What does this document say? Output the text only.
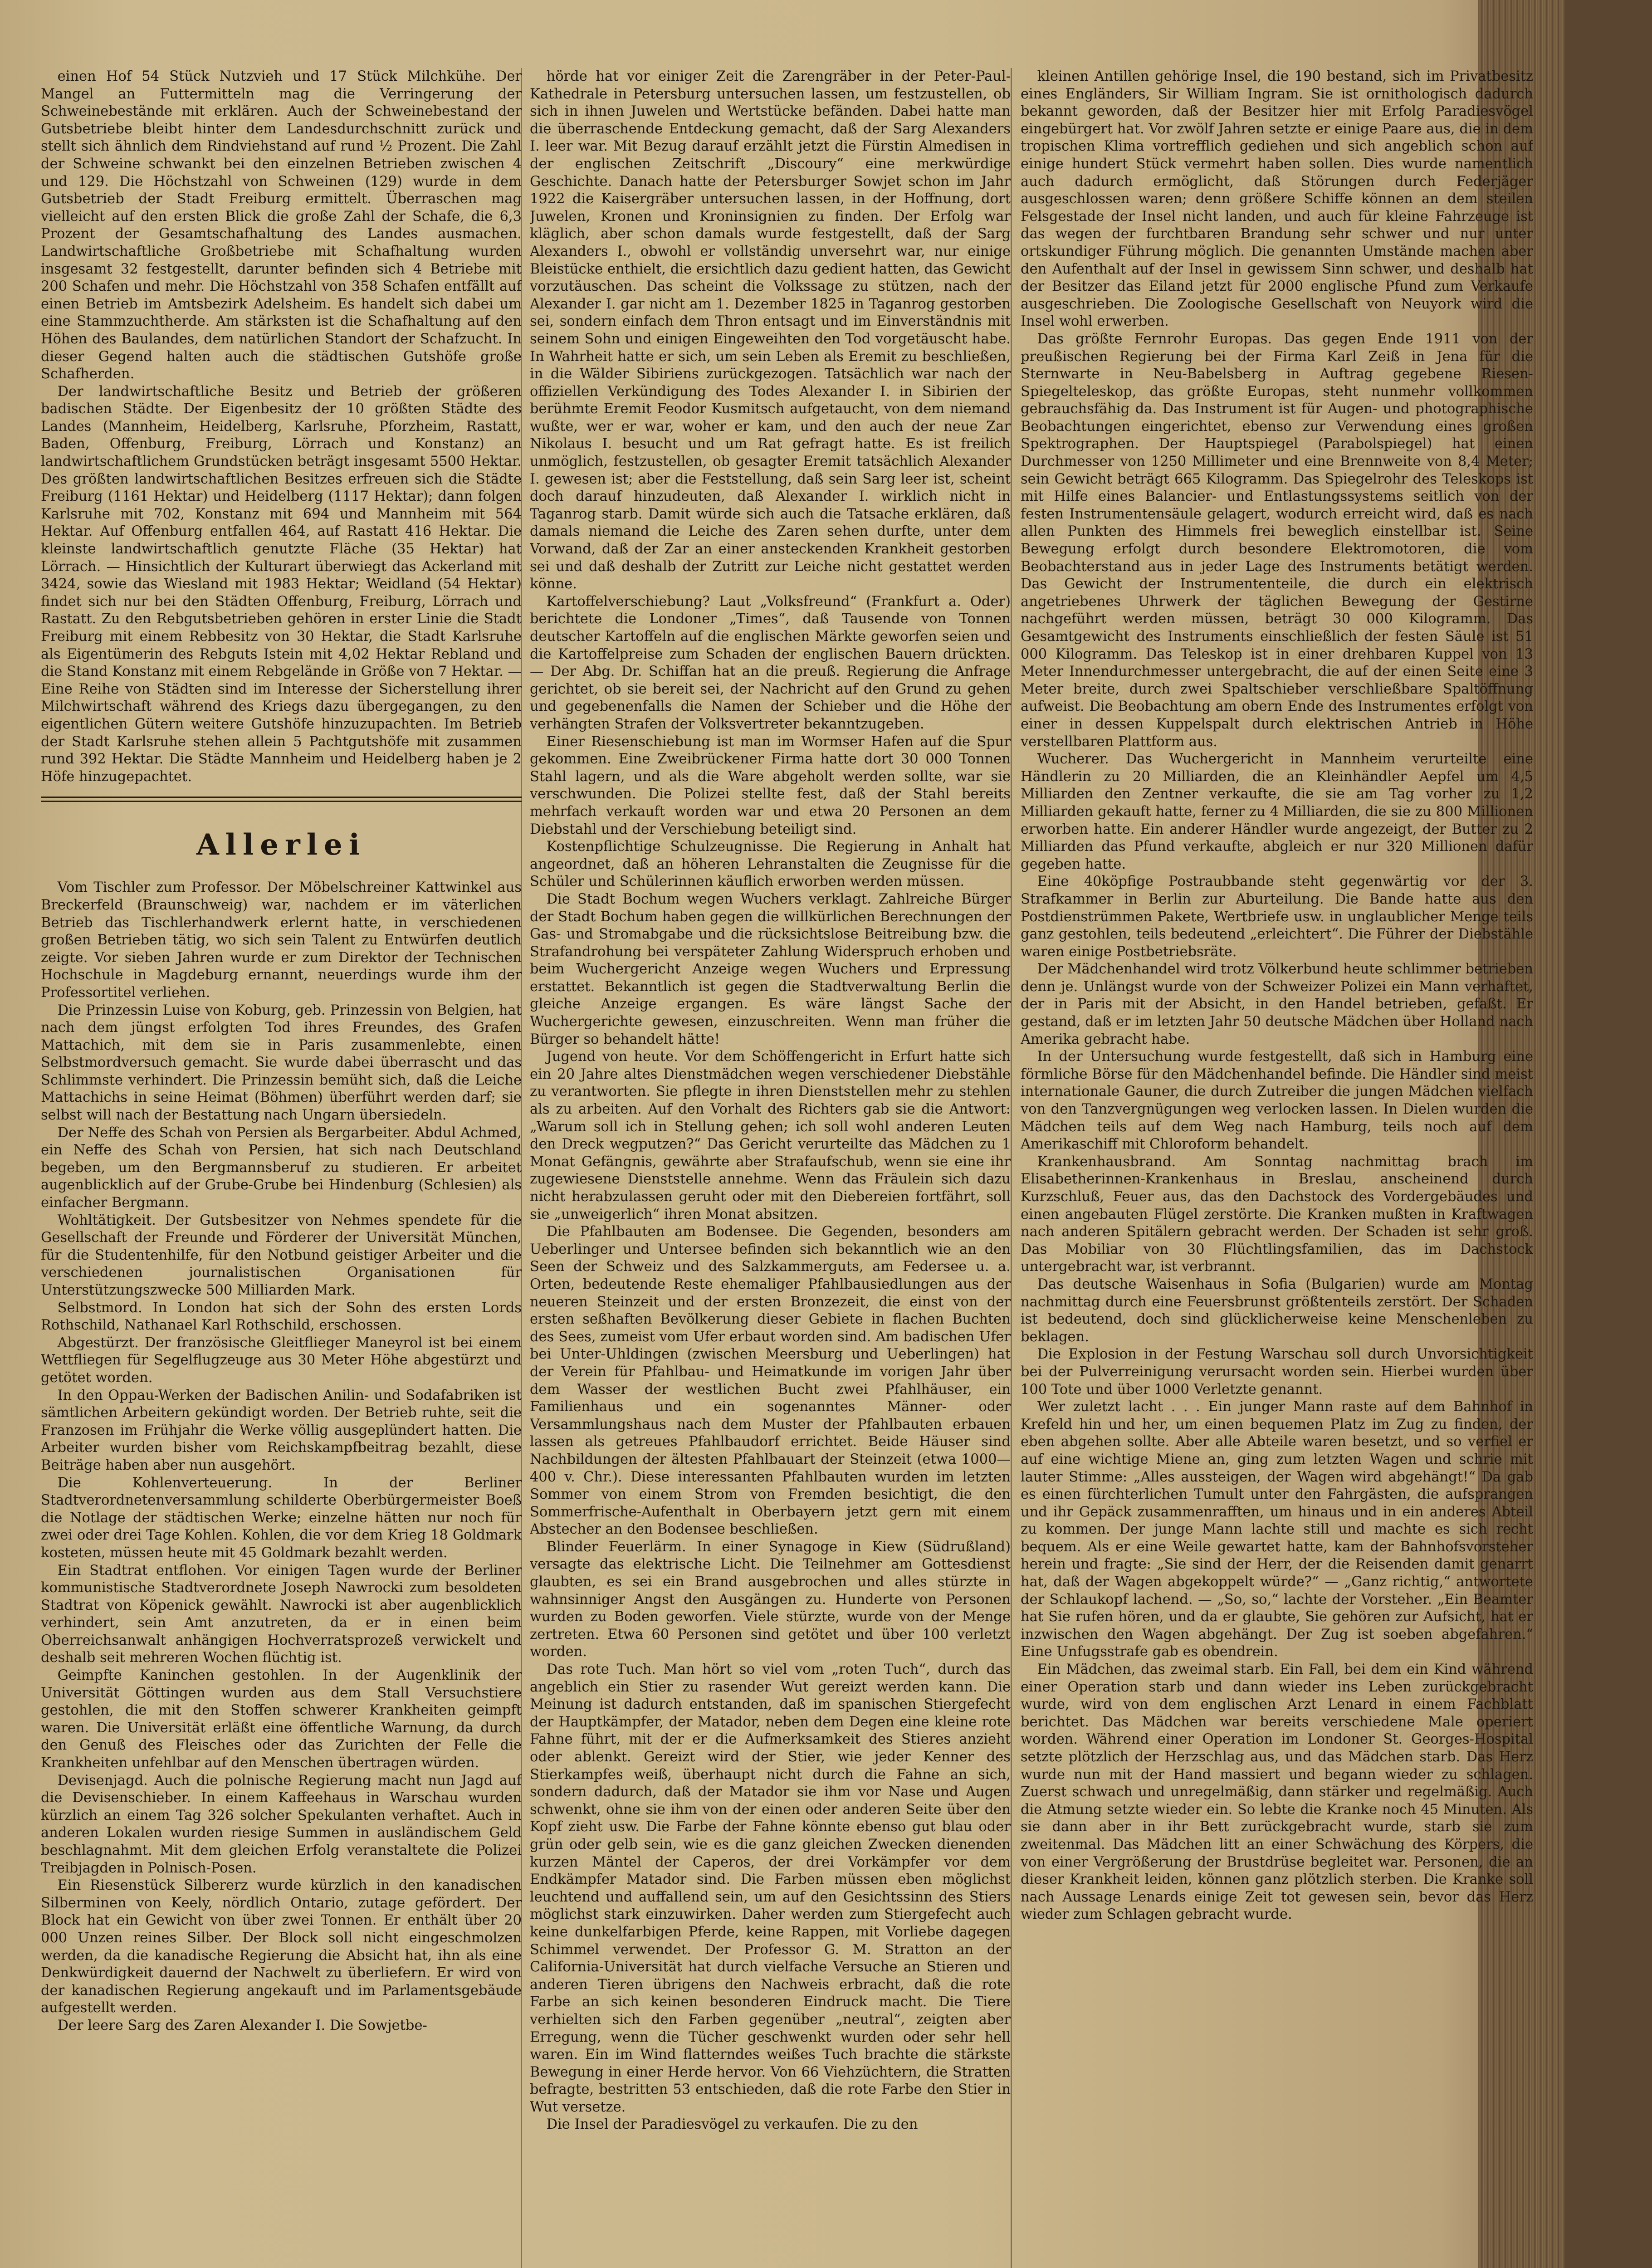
einen Hof 54 Stück Nutzvieh und 17 Stück Milchkühe. Der Mangel an Futtermitteln mag die Verringerung der Schweinebestände mit erklären. Auch der Schweinebestand der Gutsbetriebe bleibt hinter dem Landesdurchschnitt zurück und stellt sich ähnlich dem Rindviehstand auf rund ½ Prozent. Die Zahl der Schweine schwankt bei den einzelnen Betrieben zwischen 4 und 129. Die Höchstzahl von Schweinen (129) wurde in dem Gutsbetrieb der Stadt Freiburg ermittelt. Überraschen mag vielleicht auf den ersten Blick die große Zahl der Schafe, die 6,3 Prozent der Gesamtschafhaltung des Landes ausmachen. Landwirtschaftliche Großbetriebe mit Schafhaltung wurden insgesamt 32 festgestellt, darunter befinden sich 4 Betriebe mit 200 Schafen und mehr. Die Höchstzahl von 358 Schafen entfällt auf einen Betrieb im Amtsbezirk Adelsheim. Es handelt sich dabei um eine Stammzuchtherde. Am stärksten ist die Schafhaltung auf den Höhen des Baulandes, dem natürlichen Standort der Schafzucht. In dieser Gegend halten auch die städtischen Gutshöfe große Schafherden.

Der landwirtschaftliche Besitz und Betrieb der größeren badischen Städte. Der Eigenbesitz der 10 größten Städte des Landes (Mannheim, Heidelberg, Karlsruhe, Pforzheim, Rastatt, Baden, Offenburg, Freiburg, Lörrach und Konstanz) an landwirtschaftlichem Grundstücken beträgt insgesamt 5500 Hektar. Des größten landwirtschaftlichen Besitzes erfreuen sich die Städte Freiburg (1161 Hektar) und Heidelberg (1117 Hektar); dann folgen Karlsruhe mit 702, Konstanz mit 694 und Mannheim mit 564 Hektar. Auf Offenburg entfallen 464, auf Rastatt 416 Hektar. Die kleinste landwirtschaftlich genutzte Fläche (35 Hektar) hat Lörrach. — Hinsichtlich der Kulturart überwiegt das Ackerland mit 3424, sowie das Wiesland mit 1983 Hektar; Weidland (54 Hektar) findet sich nur bei den Städten Offenburg, Freiburg, Lörrach und Rastatt. Zu den Rebgutsbetrieben gehören in erster Linie die Stadt Freiburg mit einem Rebbesitz von 30 Hektar, die Stadt Karlsruhe als Eigentümerin des Rebguts Istein mit 4,02 Hektar Rebland und die Stand Konstanz mit einem Rebgelände in Größe von 7 Hektar. — Eine Reihe von Städten sind im Interesse der Sicherstellung ihrer Milchwirtschaft während des Kriegs dazu übergegangen, zu den eigentlichen Gütern weitere Gutshöfe hinzuzupachten. Im Betrieb der Stadt Karlsruhe stehen allein 5 Pachtgutshöfe mit zusammen rund 392 Hektar. Die Städte Mannheim und Heidelberg haben je 2 Höfe hinzugepachtet.

Allerlei

Vom Tischler zum Professor. Der Möbelschreiner Kattwinkel aus Breckerfeld (Braunschweig) war, nachdem er im väterlichen Betrieb das Tischlerhandwerk erlernt hatte, in verschiedenen großen Betrieben tätig, wo sich sein Talent zu Entwürfen deutlich zeigte. Vor sieben Jahren wurde er zum Direktor der Technischen Hochschule in Magdeburg ernannt, neuerdings wurde ihm der Professortitel verliehen.

Die Prinzessin Luise von Koburg, geb. Prinzessin von Belgien, hat nach dem jüngst erfolgten Tod ihres Freundes, des Grafen Mattachich, mit dem sie in Paris zusammenlebte, einen Selbstmordversuch gemacht. Sie wurde dabei überrascht und das Schlimmste verhindert. Die Prinzessin bemüht sich, daß die Leiche Mattachichs in seine Heimat (Böhmen) überführt werden darf; sie selbst will nach der Bestattung nach Ungarn übersiedeln.

Der Neffe des Schah von Persien als Bergarbeiter. Abdul Achmed, ein Neffe des Schah von Persien, hat sich nach Deutschland begeben, um den Bergmannsberuf zu studieren. Er arbeitet augenblicklich auf der Grube-Grube bei Hindenburg (Schlesien) als einfacher Bergmann.

Wohltätigkeit. Der Gutsbesitzer von Nehmes spendete für die Gesellschaft der Freunde und Förderer der Universität München, für die Studentenhilfe, für den Notbund geistiger Arbeiter und die verschiedenen journalistischen Organisationen für Unterstützungszwecke 500 Milliarden Mark.

Selbstmord. In London hat sich der Sohn des ersten Lords Rothschild, Nathanael Karl Rothschild, erschossen.

Abgestürzt. Der französische Gleitflieger Maneyrol ist bei einem Wettfliegen für Segelflugzeuge aus 30 Meter Höhe abgestürzt und getötet worden.

In den Oppau-Werken der Badischen Anilin- und Sodafabriken ist sämtlichen Arbeitern gekündigt worden. Der Betrieb ruhte, seit die Franzosen im Frühjahr die Werke völlig ausgeplündert hatten. Die Arbeiter wurden bisher vom Reichskampfbeitrag bezahlt, diese Beiträge haben aber nun ausgehört.

Die Kohlenverteuerung. In der Berliner Stadtverordnetenversammlung schilderte Oberbürgermeister Boeß die Notlage der städtischen Werke; einzelne hätten nur noch für zwei oder drei Tage Kohlen. Kohlen, die vor dem Krieg 18 Goldmark kosteten, müssen heute mit 45 Goldmark bezahlt werden.

Ein Stadtrat entflohen. Vor einigen Tagen wurde der Berliner kommunistische Stadtverordnete Joseph Nawrocki zum besoldeten Stadtrat von Köpenick gewählt. Nawrocki ist aber augenblicklich verhindert, sein Amt anzutreten, da er in einen beim Oberreichsanwalt anhängigen Hochverratsprozeß verwickelt und deshalb seit mehreren Wochen flüchtig ist.

Geimpfte Kaninchen gestohlen. In der Augenklinik der Universität Göttingen wurden aus dem Stall Versuchstiere gestohlen, die mit den Stoffen schwerer Krankheiten geimpft waren. Die Universität erläßt eine öffentliche Warnung, da durch den Genuß des Fleisches oder das Zurichten der Felle die Krankheiten unfehlbar auf den Menschen übertragen würden.

Devisenjagd. Auch die polnische Regierung macht nun Jagd auf die Devisenschieber. In einem Kaffeehaus in Warschau wurden kürzlich an einem Tag 326 solcher Spekulanten verhaftet. Auch in anderen Lokalen wurden riesige Summen in ausländischem Geld beschlagnahmt. Mit dem gleichen Erfolg veranstaltete die Polizei Treibjagden in Polnisch-Posen.

Ein Riesenstück Silbererz wurde kürzlich in den kanadischen Silberminen von Keely, nördlich Ontario, zutage gefördert. Der Block hat ein Gewicht von über zwei Tonnen. Er enthält über 20 000 Unzen reines Silber. Der Block soll nicht eingeschmolzen werden, da die kanadische Regierung die Absicht hat, ihn als eine Denkwürdigkeit dauernd der Nachwelt zu überliefern. Er wird von der kanadischen Regierung angekauft und im Parlamentsgebäude aufgestellt werden.

Der leere Sarg des Zaren Alexander I. Die Sowjetbe-

hörde hat vor einiger Zeit die Zarengräber in der Peter-Paul-Kathedrale in Petersburg untersuchen lassen, um festzustellen, ob sich in ihnen Juwelen und Wertstücke befänden. Dabei hatte man die überraschende Entdeckung gemacht, daß der Sarg Alexanders I. leer war. Mit Bezug darauf erzählt jetzt die Fürstin Almedisen in der englischen Zeitschrift „Discoury“ eine merkwürdige Geschichte. Danach hatte der Petersburger Sowjet schon im Jahr 1922 die Kaisergräber untersuchen lassen, in der Hoffnung, dort Juwelen, Kronen und Kroninsignien zu finden. Der Erfolg war kläglich, aber schon damals wurde festgestellt, daß der Sarg Alexanders I., obwohl er vollständig unversehrt war, nur einige Bleistücke enthielt, die ersichtlich dazu gedient hatten, das Gewicht vorzutäuschen. Das scheint die Volkssage zu stützen, nach der Alexander I. gar nicht am 1. Dezember 1825 in Taganrog gestorben sei, sondern einfach dem Thron entsagt und im Einverständnis mit seinem Sohn und einigen Eingeweihten den Tod vorgetäuscht habe. In Wahrheit hatte er sich, um sein Leben als Eremit zu beschließen, in die Wälder Sibiriens zurückgezogen. Tatsächlich war nach der offiziellen Verkündigung des Todes Alexander I. in Sibirien der berühmte Eremit Feodor Kusmitsch aufgetaucht, von dem niemand wußte, wer er war, woher er kam, und den auch der neue Zar Nikolaus I. besucht und um Rat gefragt hatte. Es ist freilich unmöglich, festzustellen, ob gesagter Eremit tatsächlich Alexander I. gewesen ist; aber die Feststellung, daß sein Sarg leer ist, scheint doch darauf hinzudeuten, daß Alexander I. wirklich nicht in Taganrog starb. Damit würde sich auch die Tatsache erklären, daß damals niemand die Leiche des Zaren sehen durfte, unter dem Vorwand, daß der Zar an einer ansteckenden Krankheit gestorben sei und daß deshalb der Zutritt zur Leiche nicht gestattet werden könne.

Kartoffelverschiebung? Laut „Volksfreund“ (Frankfurt a. Oder) berichtete die Londoner „Times“, daß Tausende von Tonnen deutscher Kartoffeln auf die englischen Märkte geworfen seien und die Kartoffelpreise zum Schaden der englischen Bauern drückten. — Der Abg. Dr. Schiffan hat an die preuß. Regierung die Anfrage gerichtet, ob sie bereit sei, der Nachricht auf den Grund zu gehen und gegebenenfalls die Namen der Schieber und die Höhe der verhängten Strafen der Volksvertreter bekanntzugeben.

Einer Riesenschiebung ist man im Wormser Hafen auf die Spur gekommen. Eine Zweibrückener Firma hatte dort 30 000 Tonnen Stahl lagern, und als die Ware abgeholt werden sollte, war sie verschwunden. Die Polizei stellte fest, daß der Stahl bereits mehrfach verkauft worden war und etwa 20 Personen an dem Diebstahl und der Verschiebung beteiligt sind.

Kostenpflichtige Schulzeugnisse. Die Regierung in Anhalt hat angeordnet, daß an höheren Lehranstalten die Zeugnisse für die Schüler und Schülerinnen käuflich erworben werden müssen.

Die Stadt Bochum wegen Wuchers verklagt. Zahlreiche Bürger der Stadt Bochum haben gegen die willkürlichen Berechnungen der Gas- und Stromabgabe und die rücksichtslose Beitreibung bzw. die Strafandrohung bei verspäteter Zahlung Widerspruch erhoben und beim Wuchergericht Anzeige wegen Wuchers und Erpressung erstattet. Bekanntlich ist gegen die Stadtverwaltung Berlin die gleiche Anzeige ergangen. Es wäre längst Sache der Wuchergerichte gewesen, einzuschreiten. Wenn man früher die Bürger so behandelt hätte!

Jugend von heute. Vor dem Schöffengericht in Erfurt hatte sich ein 20 Jahre altes Dienstmädchen wegen verschiedener Diebstähle zu verantworten. Sie pflegte in ihren Dienststellen mehr zu stehlen als zu arbeiten. Auf den Vorhalt des Richters gab sie die Antwort: „Warum soll ich in Stellung gehen; ich soll wohl anderen Leuten den Dreck wegputzen?“ Das Gericht verurteilte das Mädchen zu 1 Monat Gefängnis, gewährte aber Strafaufschub, wenn sie eine ihr zugewiesene Dienststelle annehme. Wenn das Fräulein sich dazu nicht herabzulassen geruht oder mit den Diebereien fortfährt, soll sie „unweigerlich“ ihren Monat absitzen.

Die Pfahlbauten am Bodensee. Die Gegenden, besonders am Ueberlinger und Untersee befinden sich bekanntlich wie an den Seen der Schweiz und des Salzkammerguts, am Federsee u. a. Orten, bedeutende Reste ehemaliger Pfahlbausiedlungen aus der neueren Steinzeit und der ersten Bronzezeit, die einst von der ersten seßhaften Bevölkerung dieser Gebiete in flachen Buchten des Sees, zumeist vom Ufer erbaut worden sind. Am badischen Ufer bei Unter-Uhldingen (zwischen Meersburg und Ueberlingen) hat der Verein für Pfahlbau- und Heimatkunde im vorigen Jahr über dem Wasser der westlichen Bucht zwei Pfahlhäuser, ein Familienhaus und ein sogenanntes Männer- oder Versammlungshaus nach dem Muster der Pfahlbauten erbauen lassen als getreues Pfahlbaudorf errichtet. Beide Häuser sind Nachbildungen der ältesten Pfahlbauart der Steinzeit (etwa 1000—400 v. Chr.). Diese interessanten Pfahlbauten wurden im letzten Sommer von einem Strom von Fremden besichtigt, die den Sommerfrische-Aufenthalt in Oberbayern jetzt gern mit einem Abstecher an den Bodensee beschließen.

Blinder Feuerlärm. In einer Synagoge in Kiew (Südrußland) versagte das elektrische Licht. Die Teilnehmer am Gottesdienst glaubten, es sei ein Brand ausgebrochen und alles stürzte in wahnsinniger Angst den Ausgängen zu. Hunderte von Personen wurden zu Boden geworfen. Viele stürzte, wurde von der Menge zertreten. Etwa 60 Personen sind getötet und über 100 verletzt worden.

Das rote Tuch. Man hört so viel vom „roten Tuch“, durch das angeblich ein Stier zu rasender Wut gereizt werden kann. Die Meinung ist dadurch entstanden, daß im spanischen Stiergefecht der Hauptkämpfer, der Matador, neben dem Degen eine kleine rote Fahne führt, mit der er die Aufmerksamkeit des Stieres anzieht oder ablenkt. Gereizt wird der Stier, wie jeder Kenner des Stierkampfes weiß, überhaupt nicht durch die Fahne an sich, sondern dadurch, daß der Matador sie ihm vor Nase und Augen schwenkt, ohne sie ihm von der einen oder anderen Seite über den Kopf zieht usw. Die Farbe der Fahne könnte ebenso gut blau oder grün oder gelb sein, wie es die ganz gleichen Zwecken dienenden kurzen Mäntel der Caperos, der drei Vorkämpfer vor dem Endkämpfer Matador sind. Die Farben müssen eben möglichst leuchtend und auffallend sein, um auf den Gesichtssinn des Stiers möglichst stark einzuwirken. Daher werden zum Stiergefecht auch keine dunkelfarbigen Pferde, keine Rappen, mit Vorliebe dagegen Schimmel verwendet. Der Professor G. M. Stratton an der California-Universität hat durch vielfache Versuche an Stieren und anderen Tieren übrigens den Nachweis erbracht, daß die rote Farbe an sich keinen besonderen Eindruck macht. Die Tiere verhielten sich den Farben gegenüber „neutral“, zeigten aber Erregung, wenn die Tücher geschwenkt wurden oder sehr hell waren. Ein im Wind flatterndes weißes Tuch brachte die stärkste Bewegung in einer Herde hervor. Von 66 Viehzüchtern, die Stratten befragte, bestritten 53 entschieden, daß die rote Farbe den Stier in Wut versetze.

Die Insel der Paradiesvögel zu verkaufen. Die zu den

kleinen Antillen gehörige Insel, die 190 bestand, sich im Privatbesitz eines Engländers, Sir William Ingram. Sie ist ornithologisch dadurch bekannt geworden, daß der Besitzer hier mit Erfolg Paradiesvögel eingebürgert hat. Vor zwölf Jahren setzte er einige Paare aus, die in dem tropischen Klima vortrefflich gediehen und sich angeblich schon auf einige hundert Stück vermehrt haben sollen. Dies wurde namentlich auch dadurch ermöglicht, daß Störungen durch Federjäger ausgeschlossen waren; denn größere Schiffe können an dem steilen Felsgestade der Insel nicht landen, und auch für kleine Fahrzeuge ist das wegen der furchtbaren Brandung sehr schwer und nur unter ortskundiger Führung möglich. Die genannten Umstände machen aber den Aufenthalt auf der Insel in gewissem Sinn schwer, und deshalb hat der Besitzer das Eiland jetzt für 2000 englische Pfund zum Verkaufe ausgeschrieben. Die Zoologische Gesellschaft von Neuyork wird die Insel wohl erwerben.

Das größte Fernrohr Europas. Das gegen Ende 1911 von der preußischen Regierung bei der Firma Karl Zeiß in Jena für die Sternwarte in Neu-Babelsberg in Auftrag gegebene Riesen-Spiegelteleskop, das größte Europas, steht nunmehr vollkommen gebrauchsfähig da. Das Instrument ist für Augen- und photographische Beobachtungen eingerichtet, ebenso zur Verwendung eines großen Spektrographen. Der Hauptspiegel (Parabolspiegel) hat einen Durchmesser von 1250 Millimeter und eine Brennweite von 8,4 Meter; sein Gewicht beträgt 665 Kilogramm. Das Spiegelrohr des Teleskops ist mit Hilfe eines Balancier- und Entlastungssystems seitlich von der festen Instrumentensäule gelagert, wodurch erreicht wird, daß es nach allen Punkten des Himmels frei beweglich einstellbar ist. Seine Bewegung erfolgt durch besondere Elektromotoren, die vom Beobachterstand aus in jeder Lage des Instruments betätigt werden. Das Gewicht der Instrumententeile, die durch ein elektrisch angetriebenes Uhrwerk der täglichen Bewegung der Gestirne nachgeführt werden müssen, beträgt 30 000 Kilogramm. Das Gesamtgewicht des Instruments einschließlich der festen Säule ist 51 000 Kilogramm. Das Teleskop ist in einer drehbaren Kuppel von 13 Meter Innendurchmesser untergebracht, die auf der einen Seite eine 3 Meter breite, durch zwei Spaltschieber verschließbare Spaltöffnung aufweist. Die Beobachtung am obern Ende des Instrumentes erfolgt von einer in dessen Kuppelspalt durch elektrischen Antrieb in Höhe verstellbaren Plattform aus.

Wucherer. Das Wuchergericht in Mannheim verurteilte eine Händlerin zu 20 Milliarden, die an Kleinhändler Aepfel um 4,5 Milliarden den Zentner verkaufte, die sie am Tag vorher zu 1,2 Milliarden gekauft hatte, ferner zu 4 Milliarden, die sie zu 800 Millionen erworben hatte. Ein anderer Händler wurde angezeigt, der Butter zu 2 Milliarden das Pfund verkaufte, abgleich er nur 320 Millionen dafür gegeben hatte.

Eine 40köpfige Postraubbande steht gegenwärtig vor der 3. Strafkammer in Berlin zur Aburteilung. Die Bande hatte aus den Postdienstrümmen Pakete, Wertbriefe usw. in unglaublicher Menge teils ganz gestohlen, teils bedeutend „erleichtert“. Die Führer der Diebstähle waren einige Postbetriebsräte.

Der Mädchenhandel wird trotz Völkerbund heute schlimmer betrieben denn je. Unlängst wurde von der Schweizer Polizei ein Mann verhaftet, der in Paris mit der Absicht, in den Handel betrieben, gefaßt. Er gestand, daß er im letzten Jahr 50 deutsche Mädchen über Holland nach Amerika gebracht habe.

In der Untersuchung wurde festgestellt, daß sich in Hamburg eine förmliche Börse für den Mädchenhandel befinde. Die Händler sind meist internationale Gauner, die durch Zutreiber die jungen Mädchen vielfach von den Tanzvergnügungen weg verlocken lassen. In Dielen wurden die Mädchen teils auf dem Weg nach Hamburg, teils noch auf dem Amerikaschiff mit Chloroform behandelt.

Krankenhausbrand. Am Sonntag nachmittag brach im Elisabetherinnen-Krankenhaus in Breslau, anscheinend durch Kurzschluß, Feuer aus, das den Dachstock des Vordergebäudes und einen angebauten Flügel zerstörte. Die Kranken mußten in Kraftwagen nach anderen Spitälern gebracht werden. Der Schaden ist sehr groß. Das Mobiliar von 30 Flüchtlingsfamilien, das im Dachstock untergebracht war, ist verbrannt.

Das deutsche Waisenhaus in Sofia (Bulgarien) wurde am Montag nachmittag durch eine Feuersbrunst größtenteils zerstört. Der Schaden ist bedeutend, doch sind glücklicherweise keine Menschenleben zu beklagen.

Die Explosion in der Festung Warschau soll durch Unvorsichtigkeit bei der Pulverreinigung verursacht worden sein. Hierbei wurden über 100 Tote und über 1000 Verletzte genannt.

Wer zuletzt lacht . . . Ein junger Mann raste auf dem Bahnhof in Krefeld hin und her, um einen bequemen Platz im Zug zu finden, der eben abgehen sollte. Aber alle Abteile waren besetzt, und so verfiel er auf eine wichtige Miene an, ging zum letzten Wagen und schrie mit lauter Stimme: „Alles aussteigen, der Wagen wird abgehängt!“ Da gab es einen fürchterlichen Tumult unter den Fahrgästen, die aufsprangen und ihr Gepäck zusammenrafften, um hinaus und in ein anderes Abteil zu kommen. Der junge Mann lachte still und machte es sich recht bequem. Als er eine Weile gewartet hatte, kam der Bahnhofsvorsteher herein und fragte: „Sie sind der Herr, der die Reisenden damit genarrt hat, daß der Wagen abgekoppelt würde?“ — „Ganz richtig,“ antwortete der Schlaukopf lachend. — „So, so,“ lachte der Vorsteher. „Ein Beamter hat Sie rufen hören, und da er glaubte, Sie gehören zur Aufsicht, hat er inzwischen den Wagen abgehängt. Der Zug ist soeben abgefahren.“ Eine Unfugsstrafe gab es obendrein.

Ein Mädchen, das zweimal starb. Ein Fall, bei dem ein Kind während einer Operation starb und dann wieder ins Leben zurückgebracht wurde, wird von dem englischen Arzt Lenard in einem Fachblatt berichtet. Das Mädchen war bereits verschiedene Male operiert worden. Während einer Operation im Londoner St. Georges-Hospital setzte plötzlich der Herzschlag aus, und das Mädchen starb. Das Herz wurde nun mit der Hand massiert und begann wieder zu schlagen. Zuerst schwach und unregelmäßig, dann stärker und regelmäßig. Auch die Atmung setzte wieder ein. So lebte die Kranke noch 45 Minuten. Als sie dann aber in ihr Bett zurückgebracht wurde, starb sie zum zweitenmal. Das Mädchen litt an einer Schwächung des Körpers, die von einer Vergrößerung der Brustdrüse begleitet war. Personen, die an dieser Krankheit leiden, können ganz plötzlich sterben. Die Kranke soll nach Aussage Lenards einige Zeit tot gewesen sein, bevor das Herz wieder zum Schlagen gebracht wurde.
